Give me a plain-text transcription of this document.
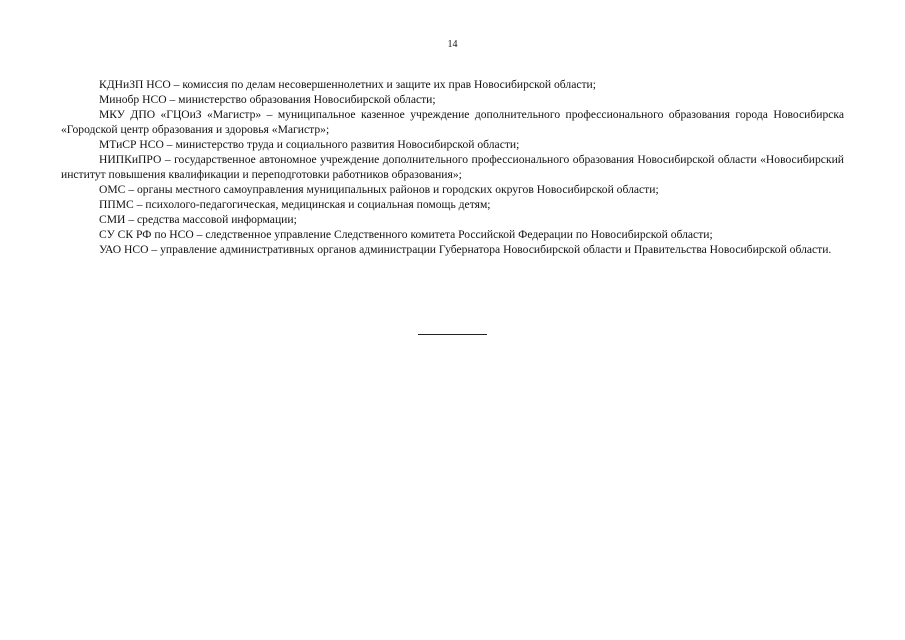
14

КДНиЗП НСО – комиссия по делам несовершеннолетних и защите их прав Новосибирской области;

Минобр НСО – министерство образования Новосибирской области;

МКУ ДПО «ГЦОиЗ «Магистр» – муниципальное казенное учреждение дополнительного профессионального образования города Новосибирска «Городской центр образования и здоровья «Магистр»;

МТиСР НСО – министерство труда и социального развития Новосибирской области;

НИПКиПРО – государственное автономное учреждение дополнительного профессионального образования Новосибирской области «Новосибирский институт повышения квалификации и переподготовки работников образования»;

ОМС – органы местного самоуправления муниципальных районов и городских округов Новосибирской области;

ППМС – психолого-педагогическая, медицинская и социальная помощь детям;

СМИ – средства массовой информации;

СУ СК РФ по НСО – следственное управление Следственного комитета Российской Федерации по Новосибирской области;

УАО НСО – управление административных органов администрации Губернатора Новосибирской области и Правительства Новосибирской области.
